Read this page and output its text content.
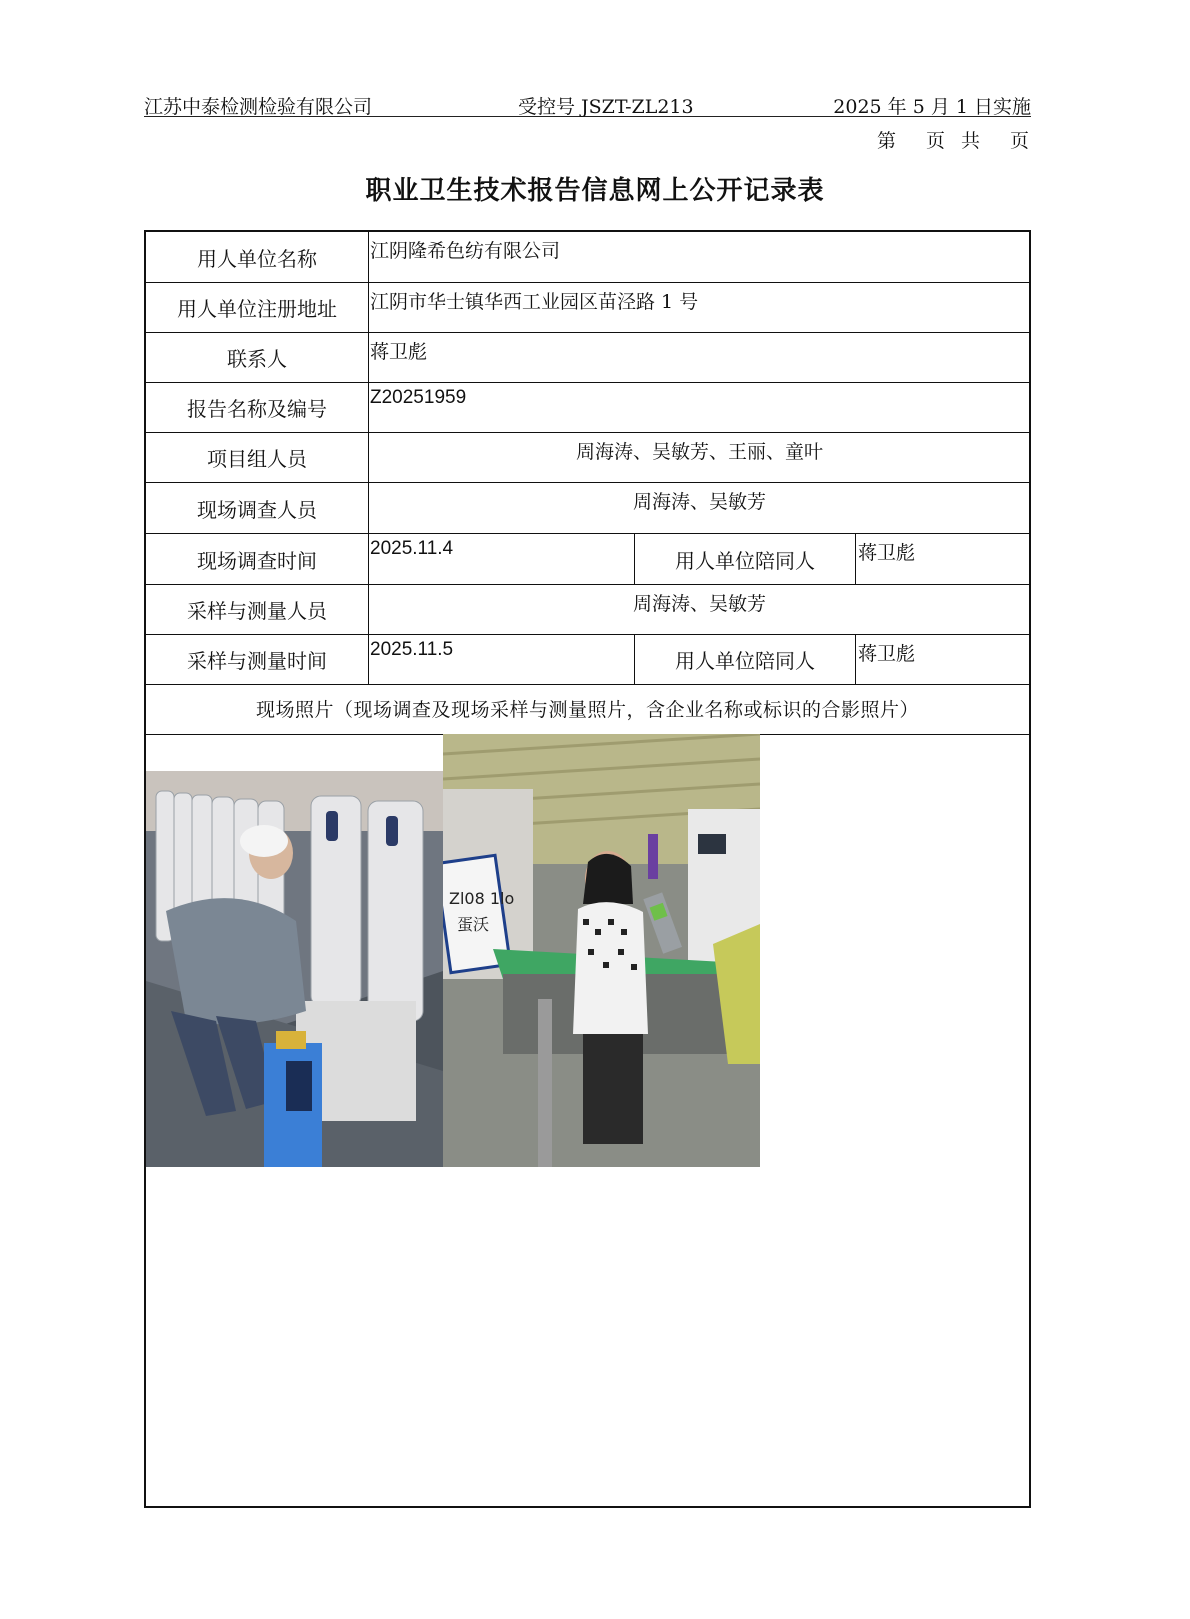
江苏中泰检测检验有限公司	受控号 JSZT-ZL213	2025 年 5 月 1 日实施
第 页 共 页
职业卫生技术报告信息网上公开记录表
用人单位名称	江阴隆希色纺有限公司
用人单位注册地址	江阴市华士镇华西工业园区苗泾路 1 号
联系人	蒋卫彪
报告名称及编号	Z20251959
项目组人员	周海涛、吴敏芳、王丽、童叶
现场调查人员	周海涛、吴敏芳
现场调查时间	2025.11.4	用人单位陪同人	蒋卫彪
采样与测量人员	周海涛、吴敏芳
采样与测量时间	2025.11.5	用人单位陪同人	蒋卫彪
现场照片（现场调查及现场采样与测量照片，含企业名称或标识的合影照片）
Zl08 1lo
蛋沃
